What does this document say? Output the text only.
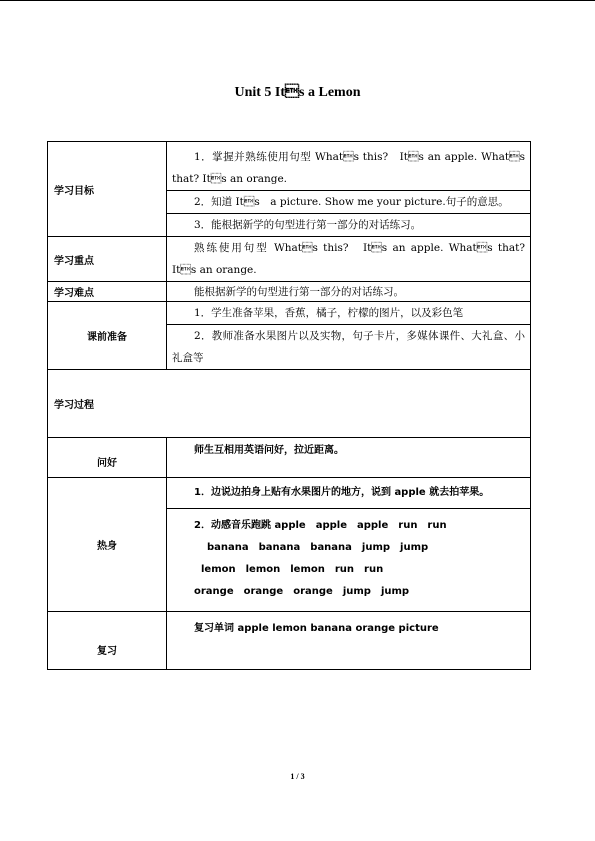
Unit 5 Its a Lemon
学习目标	1．掌握并熟练使用句型 Whats this?　Its an apple. Whats that? Its an orange.
2．知道 Its　a picture. Show me your picture.句子的意思。
3．能根据新学的句型进行第一部分的对话练习。

学习重点	熟练使用句型 Whats this?　Its an apple. Whats that? Its an orange.

学习难点	能根据新学的句型进行第一部分的对话练习。

课前准备	1．学生准备苹果，香蕉，橘子，柠檬的图片，以及彩色笔
2．教师准备水果图片以及实物，句子卡片，多媒体课件、大礼盒、小礼盒等

学习过程	
问好	师生互相用英语问好，拉近距离。

热身	1．边说边拍身上贴有水果图片的地方，说到 apple 就去拍苹果。
2．动感音乐跑跳 apple　apple　apple　run　run
banana　banana　banana　jump　jump
lemon　lemon　lemon　run　run
orange　orange　orange　jump　jump

复习	复习单词 apple lemon banana orange picture
1 / 3
